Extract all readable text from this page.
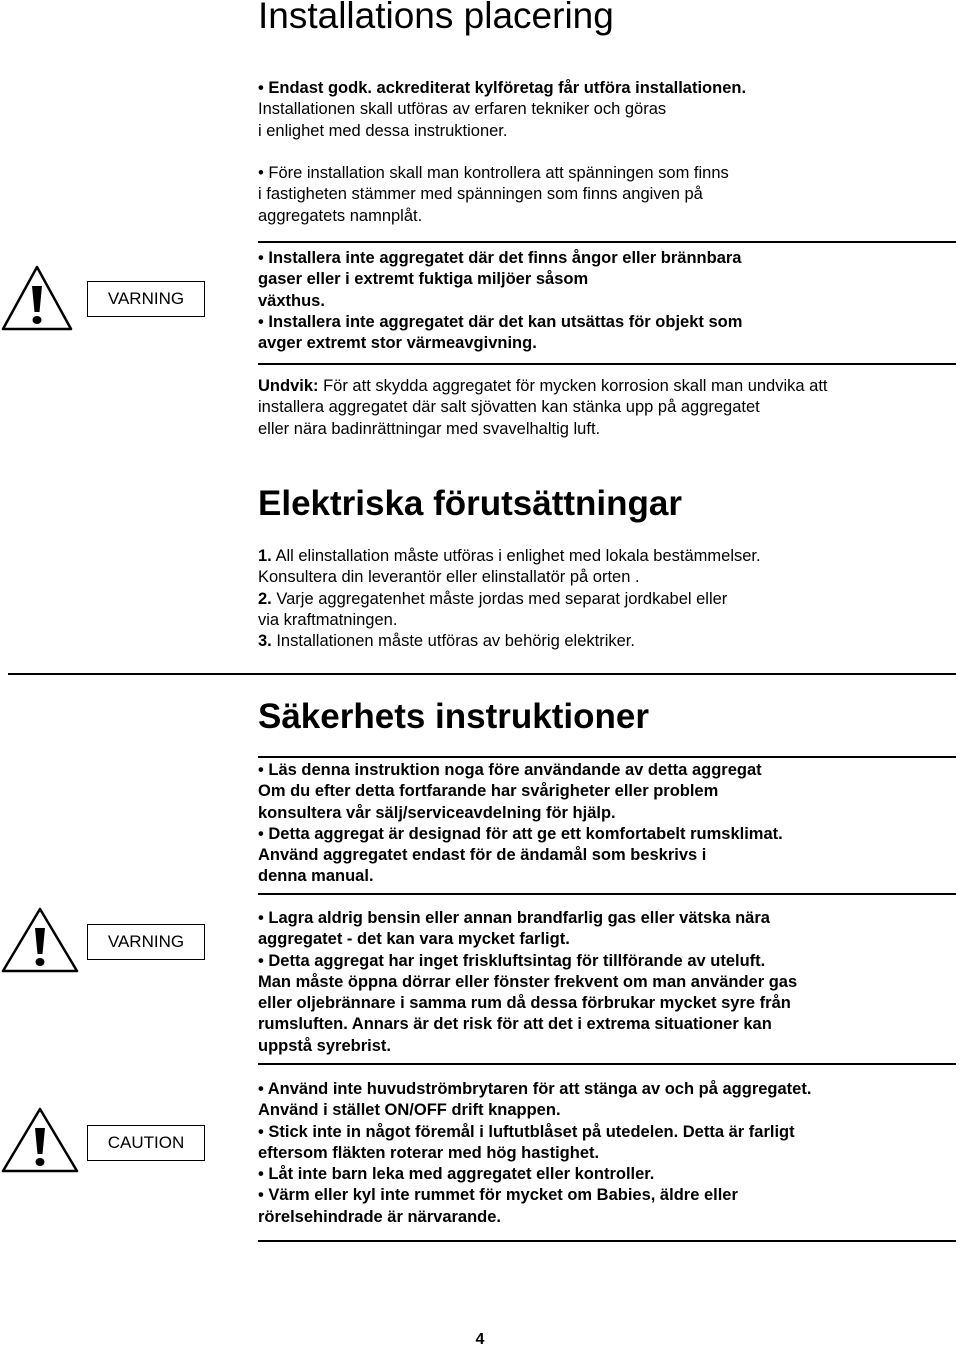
Installations placering
• Endast godk. ackrediterat kylföretag får utföra installationen.
Installationen skall utföras av erfaren tekniker och göras
i enlighet med dessa instruktioner.
• Före installation skall man kontrollera att spänningen som finns
i fastigheten stämmer med spänningen som finns angiven på
aggregatets namnplåt.
VARNING
• Installera inte aggregatet där det finns ångor eller brännbara
gaser eller i extremt fuktiga miljöer såsom
växthus.
• Installera inte aggregatet där det kan utsättas för objekt som
avger extremt stor värmeavgivning.
Undvik: För att skydda aggregatet för mycken korrosion skall man undvika att
installera aggregatet där salt sjövatten kan stänka upp på aggregatet
eller nära badinrättningar med svavelhaltig luft.
Elektriska förutsättningar
1. All elinstallation måste utföras i enlighet med lokala bestämmelser.
Konsultera din leverantör eller elinstallatör på orten .
2. Varje aggregatenhet måste jordas med separat jordkabel eller
via kraftmatningen.
3. Installationen måste utföras av behörig elektriker.
Säkerhets instruktioner
• Läs denna instruktion noga före användande av detta aggregat
Om du efter detta fortfarande har svårigheter eller problem
konsultera vår sälj/serviceavdelning för hjälp.
• Detta aggregat är designad för att ge ett komfortabelt rumsklimat.
Använd aggregatet endast för de ändamål som beskrivs i
denna manual.
VARNING
• Lagra aldrig bensin eller annan brandfarlig gas eller vätska nära
aggregatet - det kan vara mycket farligt.
• Detta aggregat har inget friskluftsintag för tillförande av uteluft.
Man måste öppna dörrar eller fönster frekvent om man använder gas
eller oljebrännare i samma rum då dessa förbrukar mycket syre från
rumsluften. Annars är det risk för att det i extrema situationer kan
uppstå syrebrist.
CAUTION
• Använd inte huvudströmbrytaren för att stänga av och på aggregatet.
Använd i stället ON/OFF drift knappen.
• Stick inte in något föremål i luftutblåset på utedelen. Detta är farligt
eftersom fläkten roterar med hög hastighet.
• Låt inte barn leka med aggregatet eller kontroller.
• Värm eller kyl inte rummet för mycket om Babies, äldre eller
rörelsehindrade är närvarande.
4
